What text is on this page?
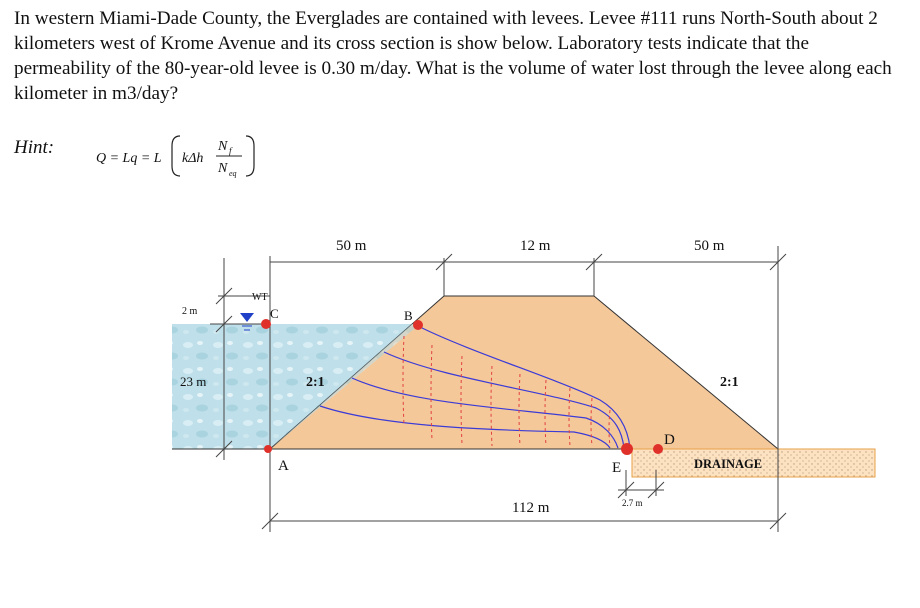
In western Miami-Dade County, the Everglades are contained with levees. Levee #111 runs North-South about 2 kilometers west of Krome Avenue and its cross section is show below. Laboratory tests indicate that the permeability of the 80-year-old levee is 0.30 m/day. What is the volume of water lost through the levee along each kilometer in m3/day?

Hint:
Q = Lq = L kΔh
N f
N eq
DRAINAGE
50 m	12 m	50 m
2 m
23 m
112 m	2.7 m
2:1	2:1
WT
A
B
C
D
E
